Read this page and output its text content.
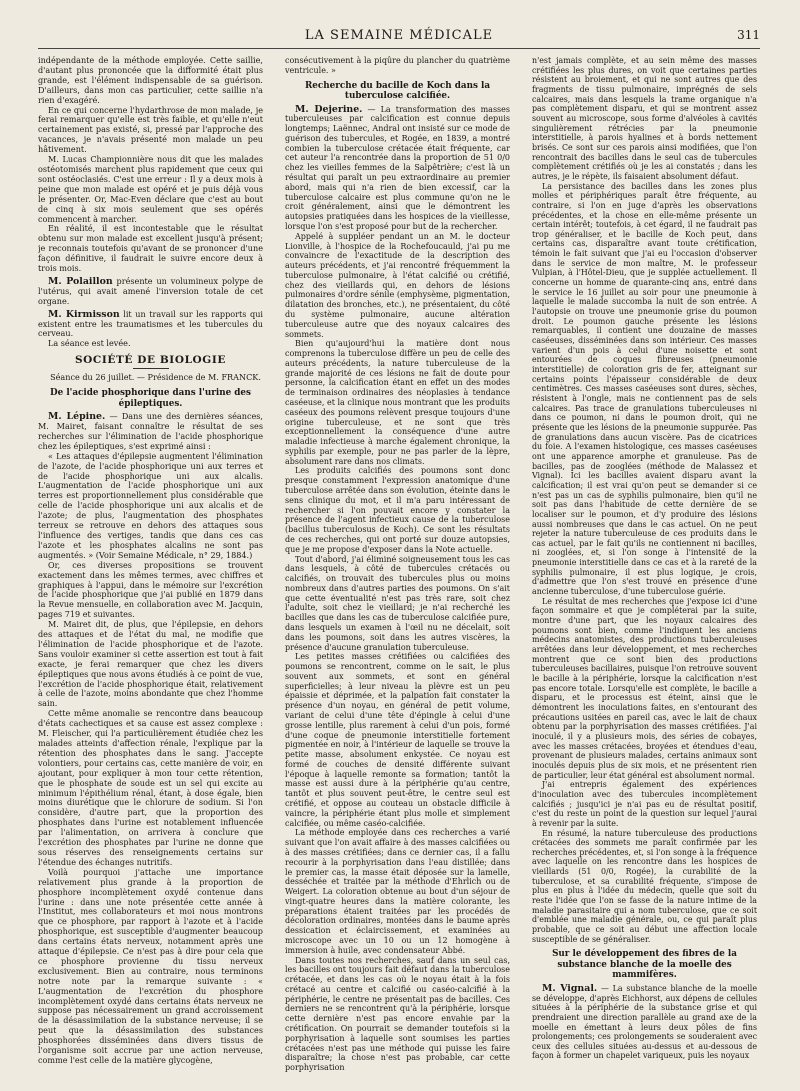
LA SEMAINE MÉDICALE	311

indépendante de la méthode employée. Cette saillie, d'autant plus prononcée que la difformité était plus grande, est l'élément indispensable de sa guérison. D'ailleurs, dans mon cas particulier, cette saillie n'a rien d'exagéré.

En ce qui concerne l'hydarthrose de mon malade, je ferai remarquer qu'elle est très faible, et qu'elle n'eut certainement pas existé, si, pressé par l'approche des vacances, je n'avais présenté mon malade un peu hâtivement.

M. Lucas Championnière nous dit que les malades ostéotomisés marchent plus rapidement que ceux qui sont ostéoclasiés. C'est une erreur : Il y a deux mois à peine que mon malade est opéré et je puis déjà vous le présenter. Or, Mac-Even déclare que c'est au bout de cinq à six mois seulement que ses opérés commencent à marcher.

En réalité, il est incontestable que le résultat obtenu sur mon malade est excellent jusqu'à présent; je reconnais toutefois qu'avant de se prononcer d'une façon définitive, il faudrait le suivre encore deux à trois mois.

M. Polaillon présente un volumineux polype de l'utérus, qui avait amené l'inversion totale de cet organe.

M. Kirmisson lit un travail sur les rapports qui existent entre les traumatismes et les tubercules du cerveau.

La séance est levée.

SOCIÉTÉ DE BIOLOGIE

Séance du 26 juillet. — Présidence de M. FRANCK.

De l'acide phosphorique dans l'urine des épileptiques.

M. Lépine. — Dans une des dernières séances, M. Mairet, faisant connaître le résultat de ses recherches sur l'élimination de l'acide phosphorique chez les épileptiques, s'est exprimé ainsi :

« Les attaques d'épilepsie augmentent l'élimination de l'azote, de l'acide phosphorique uni aux terres et de l'acide phosphorique uni aux alcalis. L'augmentation de l'acide phosphorique uni aux terres est proportionnellement plus considérable que celle de l'acide phosphorique uni aux alcalis et de l'azote; de plus, l'augmentation des phosphates terreux se retrouve en dehors des attaques sous l'influence des vertiges, tandis que dans ces cas l'azote et les phosphates alcalins ne sont pas augmentés. » (Voir Semaine Médicale, n° 29, 1884.)

Or, ces diverses propositions se trouvent exactement dans les mêmes termes, avec chiffres et graphiques à l'appui, dans le mémoire sur l'excrétion de l'acide phosphorique que j'ai publié en 1879 dans la Revue mensuelle, en collaboration avec M. Jacquin, pages 719 et suivantes.

M. Mairet dit, de plus, que l'épilepsie, en dehors des attaques et de l'état du mal, ne modifie que l'élimination de l'acide phosphorique et de l'azote. Sans vouloir examiner si cette assertion est tout à fait exacte, je ferai remarquer que chez les divers épileptiques que nous avons étudiés à ce point de vue, l'excrétion de l'acide phosphorique était, relativement à celle de l'azote, moins abondante que chez l'homme sain.

Cette même anomalie se rencontre dans beaucoup d'états cachectiques et sa cause est assez complexe : M. Fleischer, qui l'a particulièrement étudiée chez les malades atteints d'affection rénale, l'explique par la rétention des phosphates dans le sang. J'accepte volontiers, pour certains cas, cette manière de voir, en ajoutant, pour expliquer à mon tour cette rétention, que le phosphate de soude est un sel qui excite au minimum l'épithélium rénal, étant, à dose égale, bien moins diurétique que le chlorure de sodium. Si l'on considère, d'autre part, que la proportion des phosphates dans l'urine est notablement influencée par l'alimentation, on arrivera à conclure que l'excrétion des phosphates par l'urine ne donne que sous réserves des renseignements certains sur l'étendue des échanges nutritifs.

Voilà pourquoi j'attache une importance relativement plus grande à la proportion de phosphore incomplètement oxydé contenue dans l'urine : dans une note présentée cette année à l'Institut, mes collaborateurs et moi nous montrons que ce phosphore, par rapport à l'azote et à l'acide phosphorique, est susceptible d'augmenter beaucoup dans certains états nerveux, notamment après une attaque d'épilepsie. Ce n'est pas à dire pour cela que ce phosphore provienne du tissu nerveux exclusivement. Bien au contraire, nous terminons notre note par la remarque suivante : « L'augmentation de l'excrétion du phosphore incomplètement oxydé dans certains états nerveux ne suppose pas nécessairement un grand accroissement de la désassimilation de la substance nerveuse; il se peut que la désassimilation des substances phosphorées disséminées dans divers tissus de l'organisme soit accrue par une action nerveuse, comme l'est celle de la matière glycogène,

consécutivement à la piqûre du plancher du quatrième ventricule. »

Recherche du bacille de Koch dans la tuberculose calcifiée.

M. Dejerine. — La transformation des masses tuberculeuses par calcification est connue depuis longtemps; Laënnec, Andral ont insisté sur ce mode de guérison des tubercules, et Rogée, en 1839, a montré combien la tuberculose crétacée était fréquente, car cet auteur l'a rencontrée dans la proportion de 51 0/0 chez les vieilles femmes de la Salpêtrière; c'est là un résultat qui paraît un peu extraordinaire au premier abord, mais qui n'a rien de bien excessif, car la tuberculose calcaire est plus commune qu'on ne le croit généralement, ainsi que le démontrent les autopsies pratiquées dans les hospices de la vieillesse, lorsque l'on s'est proposé pour but de la rechercher.

Appelé à suppléer pendant un an M. le docteur Lionville, à l'hospice de la Rochefoucauld, j'ai pu me convaincre de l'exactitude de la description des auteurs précédents, et j'ai rencontré fréquemment la tuberculose pulmonaire, à l'état calcifié ou crétifié, chez des vieillards qui, en dehors de lésions pulmonaires d'ordre sénile (emphysème, pigmentation, dilatation des bronches, etc.), ne présentaient, du côté du système pulmonaire, aucune altération tuberculeuse autre que des noyaux calcaires des sommets.

Bien qu'aujourd'hui la matière dont nous comprenons la tuberculose diffère un peu de celle des auteurs précédents, la nature tuberculeuse de la grande majorité de ces lésions ne fait de doute pour personne, la calcification étant en effet un des modes de terminaison ordinaires des néoplasies à tendance caséeuse, et la clinique nous montrant que les produits caséeux des poumons relèvent presque toujours d'une origine tuberculeuse, et ne sont que très exceptionnellement la conséquence d'une autre maladie infectieuse à marche également chronique, la syphilis par exemple, pour ne pas parler de la lèpre, absolument rare dans nos climats.

Les produits calcifiés des poumons sont donc presque constamment l'expression anatomique d'une tuberculose arrêtée dans son évolution, éteinte dans le sens clinique du mot, et il m'a paru intéressant de rechercher si l'on pouvait encore y constater la présence de l'agent infectieux cause de la tuberculose (bacillus tuberculosus de Koch). Ce sont les résultats de ces recherches, qui ont porté sur douze autopsies, que je me propose d'exposer dans la Note actuelle.

Tout d'abord, j'ai éliminé soigneusement tous les cas dans lesquels, à côté de tubercules crétacés ou calcifiés, on trouvait des tubercules plus ou moins nombreux dans d'autres parties des poumons. On s'ait que cette éventualité n'est pas très rare, soit chez l'adulte, soit chez le vieillard; je n'ai recherché les bacilles que dans les cas de tuberculose calcifiée pure, dans lesquels un examen à l'œil nu ne décelait, soit dans les poumons, soit dans les autres viscères, la présence d'aucune granulation tuberculeuse.

Les petites masses crétifiées ou calcifiées des poumons se rencontrent, comme on le sait, le plus souvent aux sommets, et sont en général superficielles; à leur niveau la plèvre est un peu épaissie et déprimée, et la palpation fait constater la présence d'un noyau, en général de petit volume, variant de celui d'une tête d'épingle à celui d'une grosse lentille, plus rarement à celui d'un pois, formé d'une coque de pneumonie interstitielle fortement pigmentée en noir, à l'intérieur de laquelle se trouve la petite masse, absolument enkystée. Ce noyau est formé de couches de densité différente suivant l'époque à laquelle remonte sa formation; tantôt la masse est aussi dure à la périphérie qu'au centre, tantôt et plus souvent peut-être, le centre seul est crétifié, et oppose au couteau un obstacle difficile à vaincre, la périphérie étant plus molle et simplement calcifiée, ou même caséo-calcifiée.

La méthode employée dans ces recherches a varié suivant que l'on avait affaire à des masses calcifiées ou à des masses crétifiées; dans ce dernier cas, il a fallu recourir à la porphyrisation dans l'eau distillée; dans le premier cas, la masse était déposée sur la lamelle, desséchée et traitée par la méthode d'Ehrlich ou de Weigert. La coloration obtenue au bout d'un séjour de vingt-quatre heures dans la matière colorante, les préparations étaient traitées par les procédés de décoloration ordinaires, montées dans le baume après dessication et éclaircissement, et examinées au microscope avec un 10 ou un 12 homogène à immersion à huile, avec condensateur Abbé.

Dans toutes nos recherches, sauf dans un seul cas, les bacilles ont toujours fait défaut dans la tuberculose crétacée, et dans les cas où le noyau était à la fois crétacé au centre et calcifié ou caséo-calcifié à la périphérie, le centre ne présentait pas de bacilles. Ces derniers ne se rencontrent qu'à la périphérie, lorsque cette dernière n'est pas encore envahie par la crétification. On pourrait se demander toutefois si la porphyrisation à laquelle sont soumises les parties crétacées n'est pas une méthode qui puisse les faire disparaître; la chose n'est pas probable, car cette porphyrisation

n'est jamais complète, et au sein même des masses crétifiées les plus dures, on voit que certaines parties résistent au broiement, et qui ne sont autres que des fragments de tissu pulmonaire, imprégnés de sels calcaires, mais dans lesquels la trame organique n'a pas complètement disparu, et qui se montrent assez souvent au microscope, sous forme d'alvéoles à cavités singulièrement rétrécies par la pneumonie interstitielle, à parois hyalines et à bords nettement brisés. Ce sont sur ces parois ainsi modifiées, que l'on rencontrait des bacilles dans le seul cas de tubercules complètement crétifiés où je les ai constatés ; dans les autres, je le répète, ils faisaient absolument défaut.

La persistance des bacilles dans les zones plus molles et périphériques paraît être fréquente, au contraire, si l'on en juge d'après les observations précédentes, et la chose en elle-même présente un certain intérêt; toutefois, à cet égard, il ne faudrait pas trop généraliser, et le bacille de Koch peut, dans certains cas, disparaître avant toute crétification, témoin le fait suivant que j'ai eu l'occasion d'observer dans le service de mon maître, M. le professeur Vulpian, à l'Hôtel-Dieu, que je supplée actuellement. Il concerne un homme de quarante-cinq ans, entré dans le service le 16 juillet au soir pour une pneumonie à laquelle le malade succomba la nuit de son entrée. A l'autopsie on trouve une pneumonie grise du poumon droit. Le poumon gauche présente les lésions remarquables, il contient une douzaine de masses caséeuses, disséminées dans son intérieur. Ces masses varient d'un pois à celui d'une noisette et sont entourées de coques fibreuses (pneumonie interstitielle) de coloration gris de fer, atteignant sur certains points l'épaisseur considérable de deux centimètres. Ces masses caséeuses sont dures, sèches, résistent à l'ongle, mais ne contiennent pas de sels calcaires. Pas trace de granulations tuberculeuses ni dans ce poumon, ni dans le poumon droit, qui ne présente que les lésions de la pneumonie suppurée. Pas de granulations dans aucun viscère. Pas de cicatrices du foie. A l'examen histologique, ces masses caséeuses ont une apparence amorphe et granuleuse. Pas de bacilles, pas de zooglées (méthode de Malassez et Vignal). Ici les bacilles avaient disparu avant la calcification; il est vrai qu'on peut se demander si ce n'est pas un cas de syphilis pulmonaire, bien qu'il ne soit pas dans l'habitude de cette dernière de se localiser sur le poumon, et d'y produire des lésions aussi nombreuses que dans le cas actuel. On ne peut rejeter la nature tuberculeuse de ces produits dans le cas actuel, par le fait qu'ils ne contiennent ni bacilles, ni zooglées, et, si l'on songe à l'intensité de la pneumonie interstitielle dans ce cas et à la rareté de la syphilis pulmonaire, il est plus logique, je crois, d'admettre que l'on s'est trouvé en présence d'une ancienne tuberculose, d'une tuberculose guérie.

Le résultat de mes recherches que j'expose ici d'une façon sommaire et que je compléterai par la suite, montre d'une part, que les noyaux calcaires des poumons sont bien, comme l'indiquent les anciens médecins anatomistes, des productions tuberculeuses arrêtées dans leur développement, et mes recherches montrent que ce sont bien des productions tuberculeuses bacillaires, puisque l'on retrouve souvent le bacille à la périphérie, lorsque la calcification n'est pas encore totale. Lorsqu'elle est complète, le bacille a disparu, et le processus est éteint, ainsi que le démontrent les inoculations faites, en s'entourant des précautions usitées en pareil cas, avec le lait de chaux obtenu par la porphyrisation des masses crétifiées. J'ai inoculé, il y a plusieurs mois, des séries de cobayes, avec les masses crétacées, broyées et étendues d'eau, provenant de plusieurs malades, certains animaux sont inoculés depuis plus de six mois, et ne présentent rien de particulier, leur état général est absolument normal.

J'ai entrepris également des expériences d'inoculation avec des tubercules incomplètement calcifiés ; jusqu'ici je n'ai pas eu de résultat positif, c'est du reste un point de la question sur lequel j'aurai à revenir par la suite.

En résumé, la nature tuberculeuse des productions crétacées des sommets me paraît confirmée par les recherches précédentes, et, si l'on songe à la fréquence avec laquelle on les rencontre dans les hospices de vieillards (51 0/0, Rogée), la curabilité de la tuberculose, et sa curabilité fréquente, s'impose de plus en plus à l'idée du médecin, quelle que soit du reste l'idée que l'on se fasse de la nature intime de la maladie parasitaire qui a nom tuberculose, que ce soit d'emblée une maladie générale, ou, ce qui paraît plus probable, que ce soit au début une affection locale susceptible de se généraliser.

Sur le développement des fibres de la substance blanche de la moelle des mammifères.

M. Vignal. — La substance blanche de la moelle se développe, d'après Eichhorst, aux dépens de cellules situées à la périphérie de la substance grise et qui prendraient une direction parallèle au grand axe de la moelle en émettant à leurs deux pôles de fins prolongements; ces prolongements se souderaient avec ceux des cellules situées au-dessus et au-dessous de façon à former un chapelet variqueux, puis les noyaux
